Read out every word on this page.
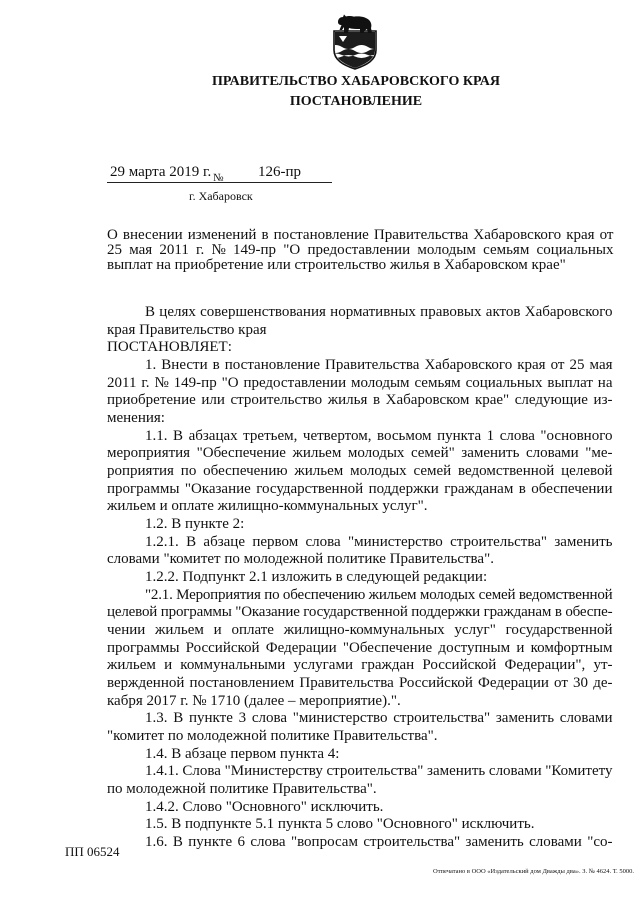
ПРАВИТЕЛЬСТВО ХАБАРОВСКОГО КРАЯ
ПОСТАНОВЛЕНИЕ
29 марта 2019 г. № 126-пр
г. Хабаровск
О внесении изменений в постановление Правительства Хабаровского края от
25 мая 2011 г. № 149-пр "О предоставлении молодым семьям социальных
выплат на приобретение или строительство жилья в Хабаровском крае"
В целях совершенствования нормативных правовых актов Хабаровского
края Правительство края
ПОСТАНОВЛЯЕТ:
1. Внести в постановление Правительства Хабаровского края от 25 мая
2011 г. № 149-пр "О предоставлении молодым семьям социальных выплат на
приобретение или строительство жилья в Хабаровском крае" следующие из-
менения:
1.1. В абзацах третьем, четвертом, восьмом пункта 1 слова "основного
мероприятия "Обеспечение жильем молодых семей" заменить словами "ме-
роприятия по обеспечению жильем молодых семей ведомственной целевой
программы "Оказание государственной поддержки гражданам в обеспечении
жильем и оплате жилищно-коммунальных услуг".
1.2. В пункте 2:
1.2.1. В абзаце первом слова "министерство строительства" заменить
словами "комитет по молодежной политике Правительства".
1.2.2. Подпункт 2.1 изложить в следующей редакции:
"2.1. Мероприятия по обеспечению жильем молодых семей ведомственной
целевой программы "Оказание государственной поддержки гражданам в обеспе-
чении жильем и оплате жилищно-коммунальных услуг" государственной
программы Российской Федерации "Обеспечение доступным и комфортным
жильем и коммунальными услугами граждан Российской Федерации", ут-
вержденной постановлением Правительства Российской Федерации от 30 де-
кабря 2017 г. № 1710 (далее – мероприятие).".
1.3. В пункте 3 слова "министерство строительства" заменить словами
"комитет по молодежной политике Правительства".
1.4. В абзаце первом пункта 4:
1.4.1. Слова "Министерству строительства" заменить словами "Комитету
по молодежной политике Правительства".
1.4.2. Слово "Основного" исключить.
1.5. В подпункте 5.1 пункта 5 слово "Основного" исключить.
1.6. В пункте 6 слова "вопросам строительства" заменить словами "со-
ПП 06524
Отпечатано в ООО «Издательский дом Дважды два». З. № 4624. Т. 5000.
